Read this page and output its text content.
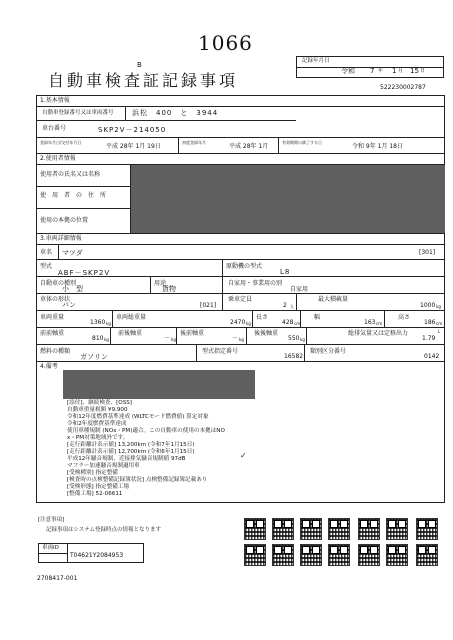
1066
B	記録年月日
令和 7 年 1 月 15 日
自動車検査証記録事項	522230002787
1.基本情報
自動車登録番号又は車両番号	浜松　400　と　3944
車台番号	SKP2V－214050
登録年月日/交付年月日
平成 28年 1月 19日
初度登録年月
平成 28年 1月
有効期間の満了する日
令和 9年 1月 18日
2.使用者情報
使用者の氏名又は名称
使　用　者　の　住　所
使用の本拠の位置
3.車両詳細情報
車名 マツダ	[301]
型式
ABF－SKP2V
原動機の型式
L8
自動車の種別
小　型
用途
貨物
自家用・事業用の別
自家用
車体の形状
バン	[021]
乗車定員
2 人
最大積載量
1000 kg
車両重量
1360 kg
車両総重量
2470 kg
長さ
428 cm
幅
163 cm
高さ
186 cm
前前軸重
810 kg
前後軸重
－ kg
後前軸重
－ kg
後後軸重
550 kg
総排気量又は定格出力
1.79
L
燃料の種類
ガソリン
型式指定番号
16582
類別区分番号
0142
4.備考
[添付]、継続検査、[OSS]
自動車重量税額 ¥9,900
令和12年度燃費基準達成 (WLTCモード燃費値) 算定対象
令和2年度燃費基準達成
使用車種規制 (NOx・PM)適合。この自動車の使用の本拠はNO
x・PM対策地域外です。
[走行距離計表示値] 13,200km (令和7年1月15日)
[走行距離計表示値] 12,700km (令和6年1月15日)
平成12年騒音規制、近接排気騒音規制値 97dB
マフラー加速騒音規制適用車
[受検種別] 指定整備
[検査時の点検整備記録簿状況] 点検整備記録簿記載あり
[受検形態] 指定整備工場
[整備工場] 52-06611
✓
[注意事項]
記録事項はシステム登録時点の情報となります
車両ID
T04621Y2084953
2708417-001
